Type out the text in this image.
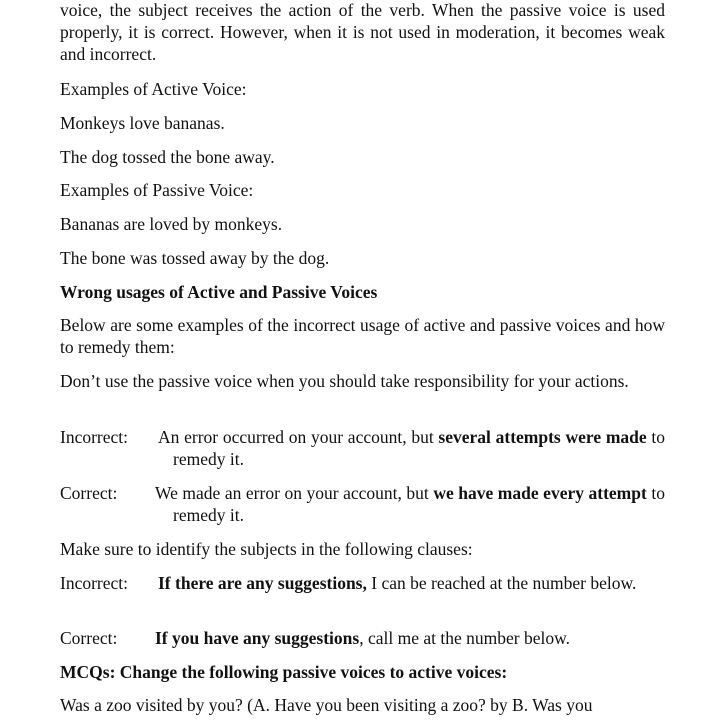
voice, the subject receives the action of the verb. When the passive voice is used properly, it is correct. However, when it is not used in moderation, it becomes weak and incorrect.
Examples of Active Voice:
Monkeys love bananas.
The dog tossed the bone away.
Examples of Passive Voice:
Bananas are loved by monkeys.
The bone was tossed away by the dog.
Wrong usages of Active and Passive Voices
Below are some examples of the incorrect usage of active and passive voices and how to remedy them:
Don’t use the passive voice when you should take responsibility for your actions.
Incorrect: An error occurred on your account, but several attempts were made to remedy it.
Correct: We made an error on your account, but we have made every attempt to remedy it.
Make sure to identify the subjects in the following clauses:
Incorrect: If there are any suggestions, I can be reached at the number below.
Correct: If you have any suggestions, call me at the number below.
MCQs: Change the following passive voices to active voices:
Was a zoo visited by you? (A. Have you been visiting a zoo? by B. Was you
